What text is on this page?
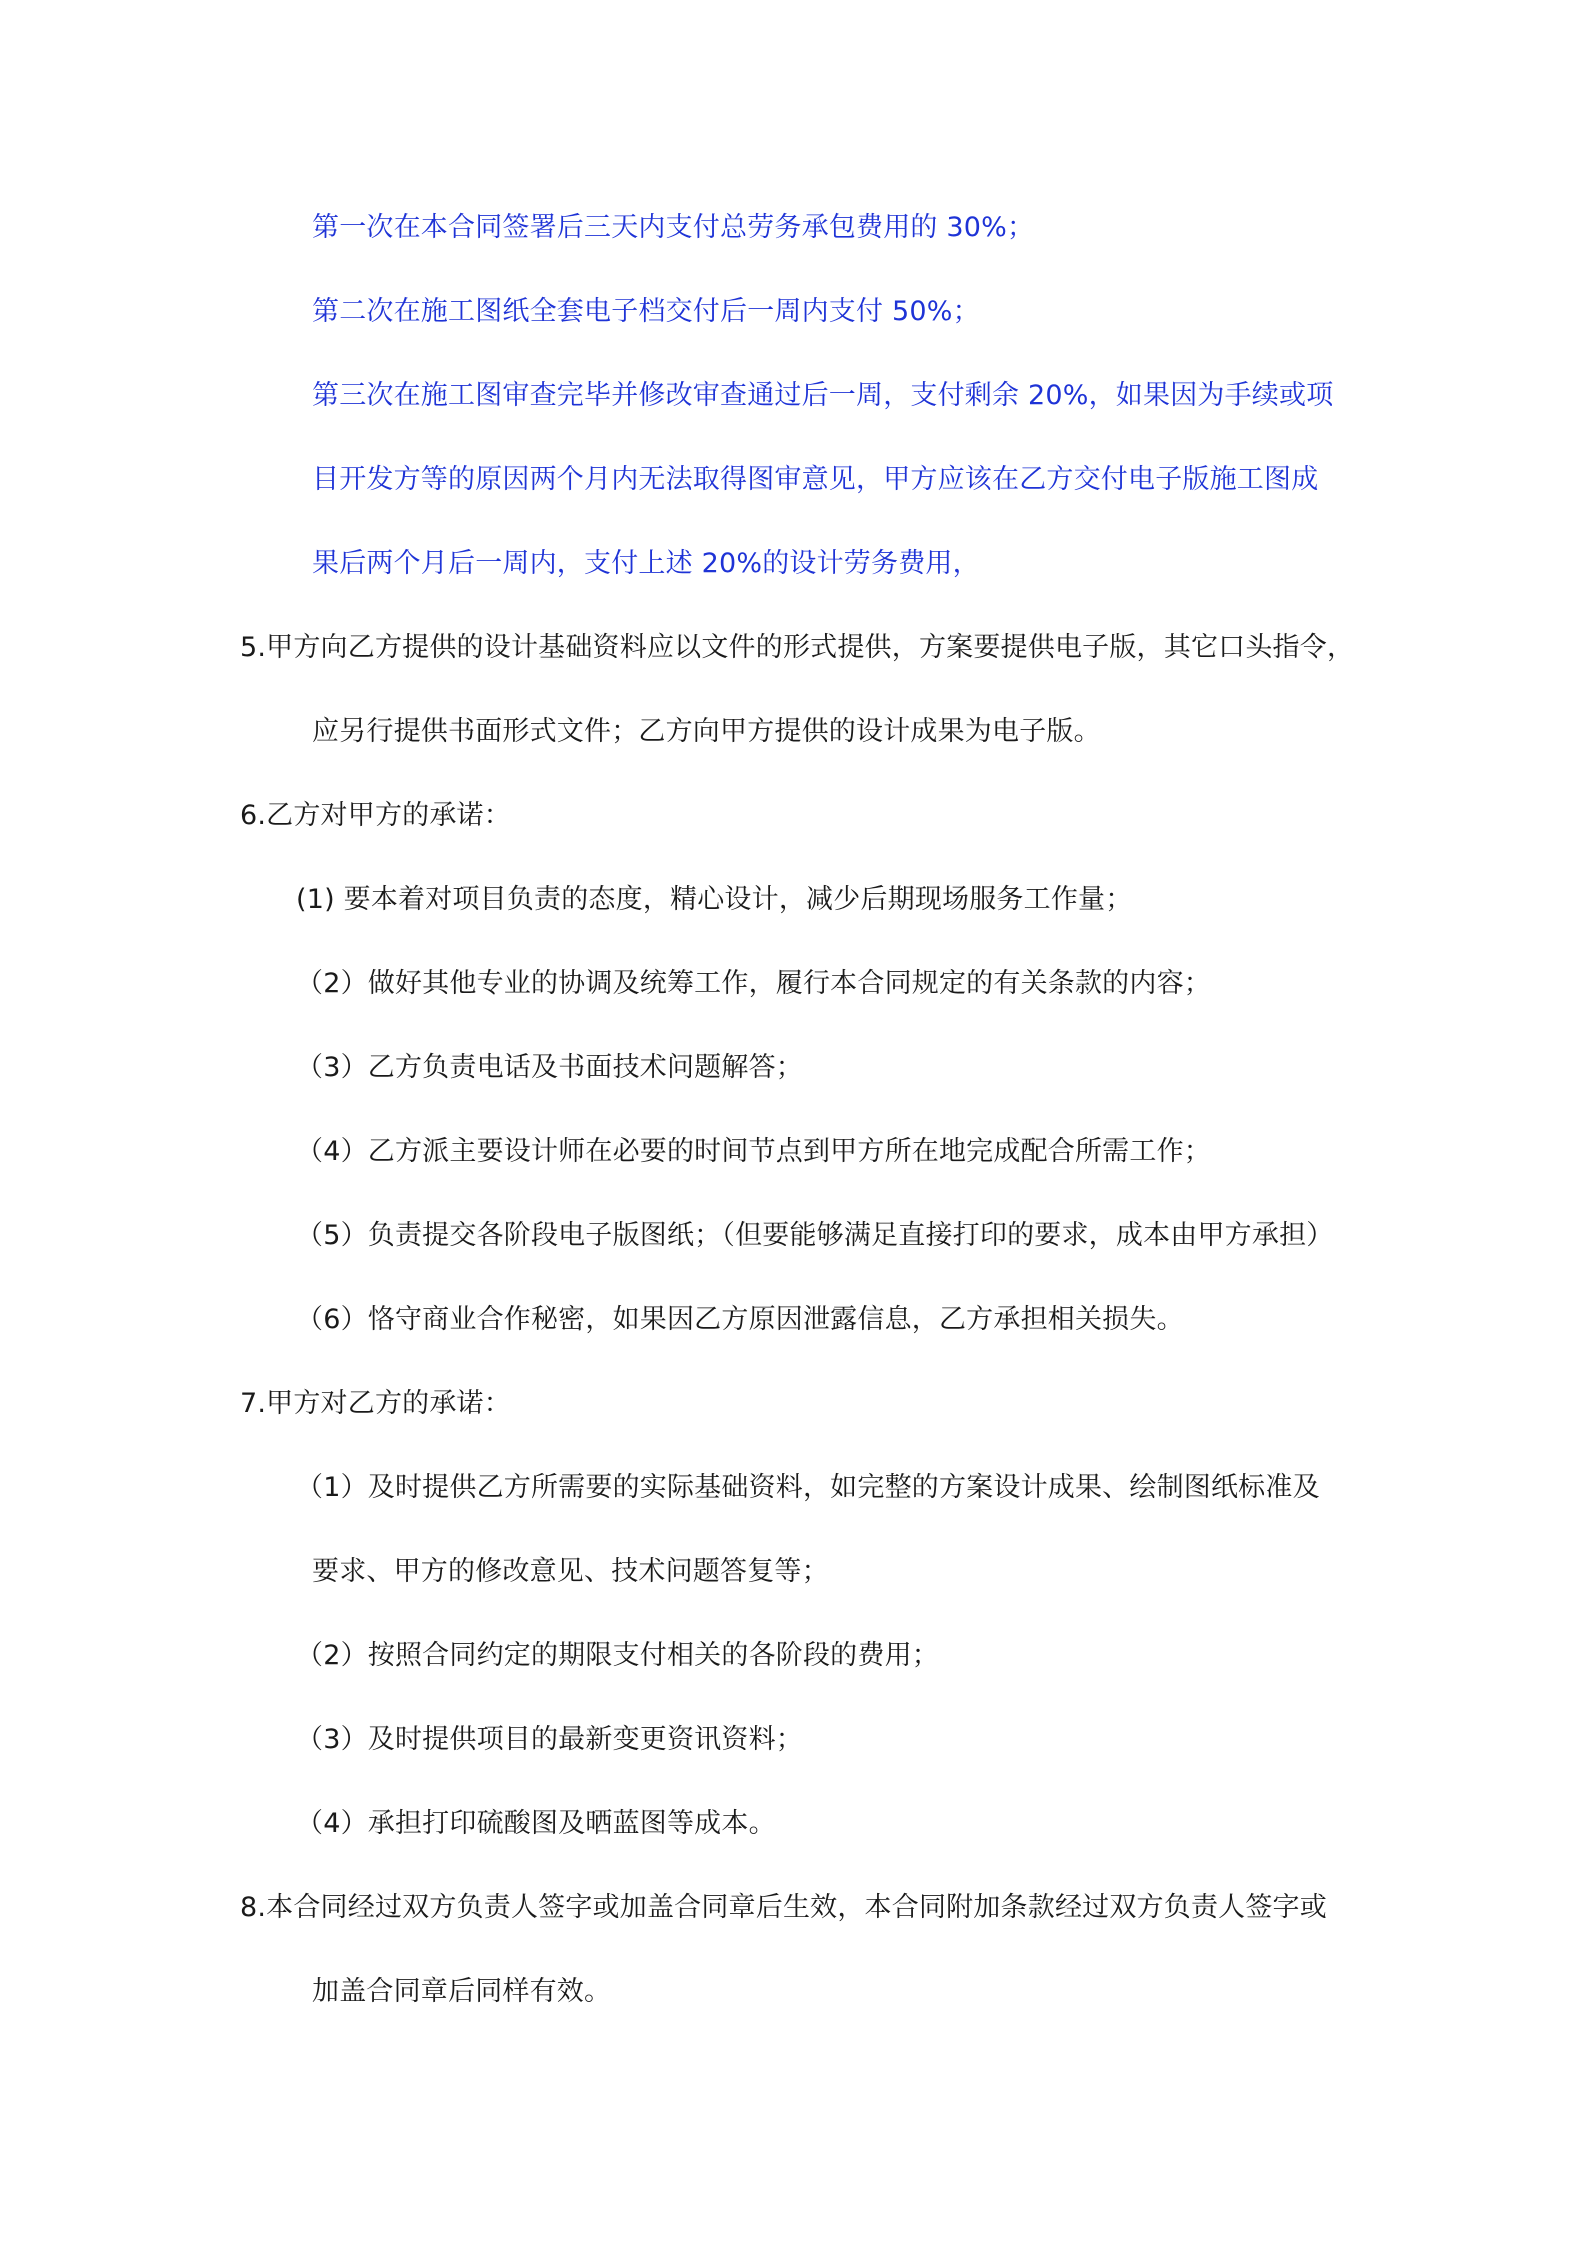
第一次在本合同签署后三天内支付总劳务承包费用的 30%；
第二次在施工图纸全套电子档交付后一周内支付 50%；
第三次在施工图审查完毕并修改审查通过后一周，支付剩余 20%，如果因为手续或项
目开发方等的原因两个月内无法取得图审意见，甲方应该在乙方交付电子版施工图成
果后两个月后一周内，支付上述 20%的设计劳务费用，
5.甲方向乙方提供的设计基础资料应以文件的形式提供，方案要提供电子版，其它口头指令，
应另行提供书面形式文件；乙方向甲方提供的设计成果为电子版。
6.乙方对甲方的承诺：
(1) 要本着对项目负责的态度，精心设计，减少后期现场服务工作量；
（2）做好其他专业的协调及统筹工作，履行本合同规定的有关条款的内容；
（3）乙方负责电话及书面技术问题解答；
（4）乙方派主要设计师在必要的时间节点到甲方所在地完成配合所需工作；
（5）负责提交各阶段电子版图纸；（但要能够满足直接打印的要求，成本由甲方承担）
（6）恪守商业合作秘密，如果因乙方原因泄露信息，乙方承担相关损失。
7.甲方对乙方的承诺：
（1）及时提供乙方所需要的实际基础资料，如完整的方案设计成果、绘制图纸标准及
要求、甲方的修改意见、技术问题答复等；
（2）按照合同约定的期限支付相关的各阶段的费用；
（3）及时提供项目的最新变更资讯资料；
（4）承担打印硫酸图及晒蓝图等成本。
8.本合同经过双方负责人签字或加盖合同章后生效，本合同附加条款经过双方负责人签字或
加盖合同章后同样有效。
